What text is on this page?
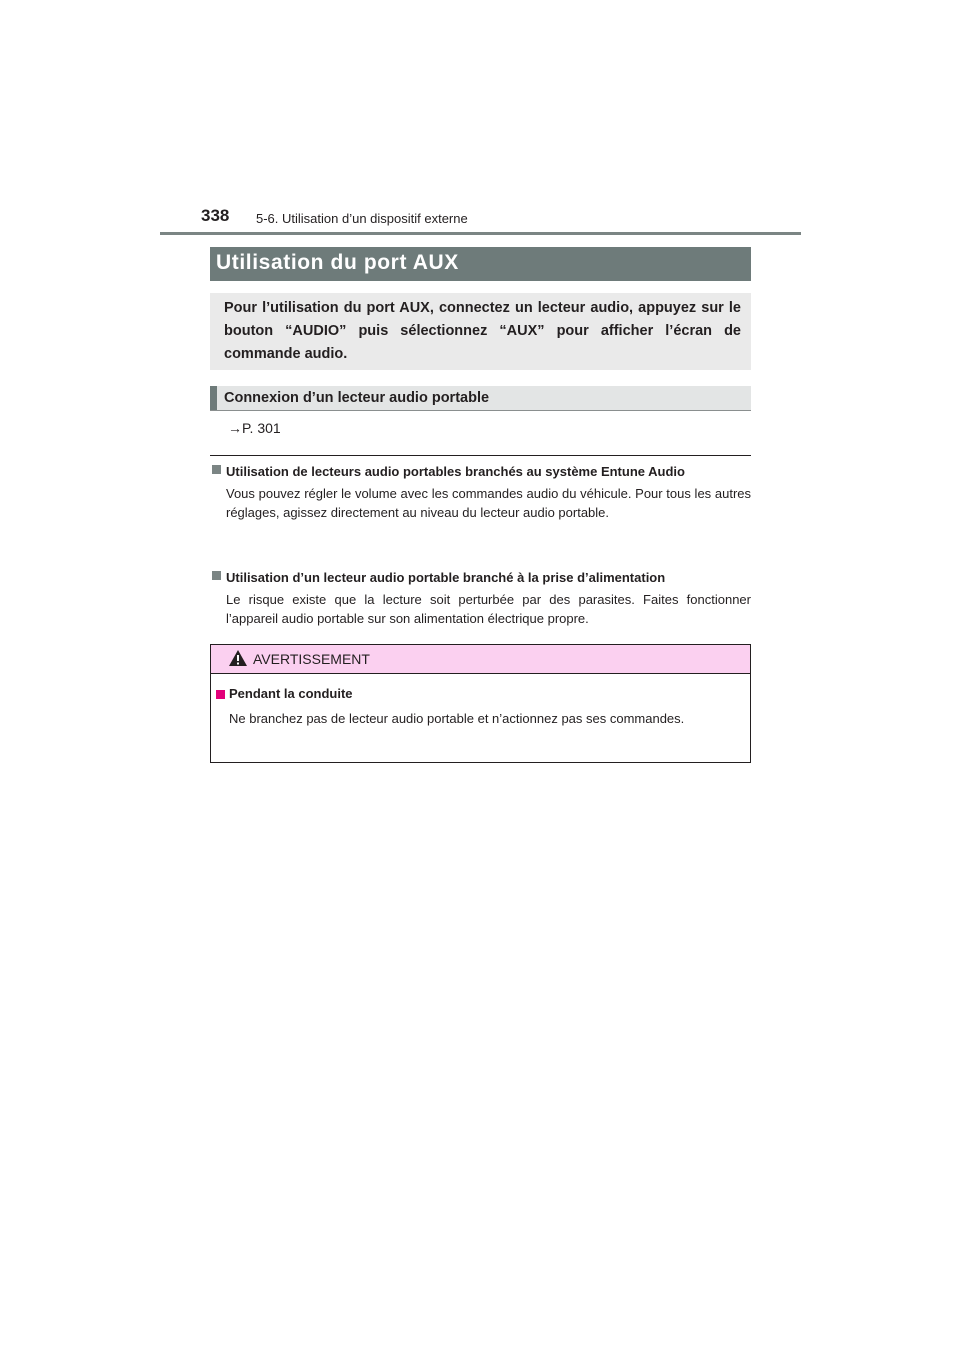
338 5-6. Utilisation d’un dispositif externe
Utilisation du port AUX

Pour l’utilisation du port AUX, connectez un lecteur audio, appuyez sur le bouton “AUDIO” puis sélectionnez “AUX” pour afficher l’écran de commande audio.

Connexion d’un lecteur audio portable
→P. 301

Utilisation de lecteurs audio portables branchés au système Entune Audio

Vous pouvez régler le volume avec les commandes audio du véhicule. Pour tous les autres réglages, agissez directement au niveau du lecteur audio portable.

Utilisation d’un lecteur audio portable branché à la prise d’alimentation

Le risque existe que la lecture soit perturbée par des parasites. Faites fonctionner l’appareil audio portable sur son alimentation électrique propre.

AVERTISSEMENT
Pendant la conduite
Ne branchez pas de lecteur audio portable et n’actionnez pas ses commandes.
